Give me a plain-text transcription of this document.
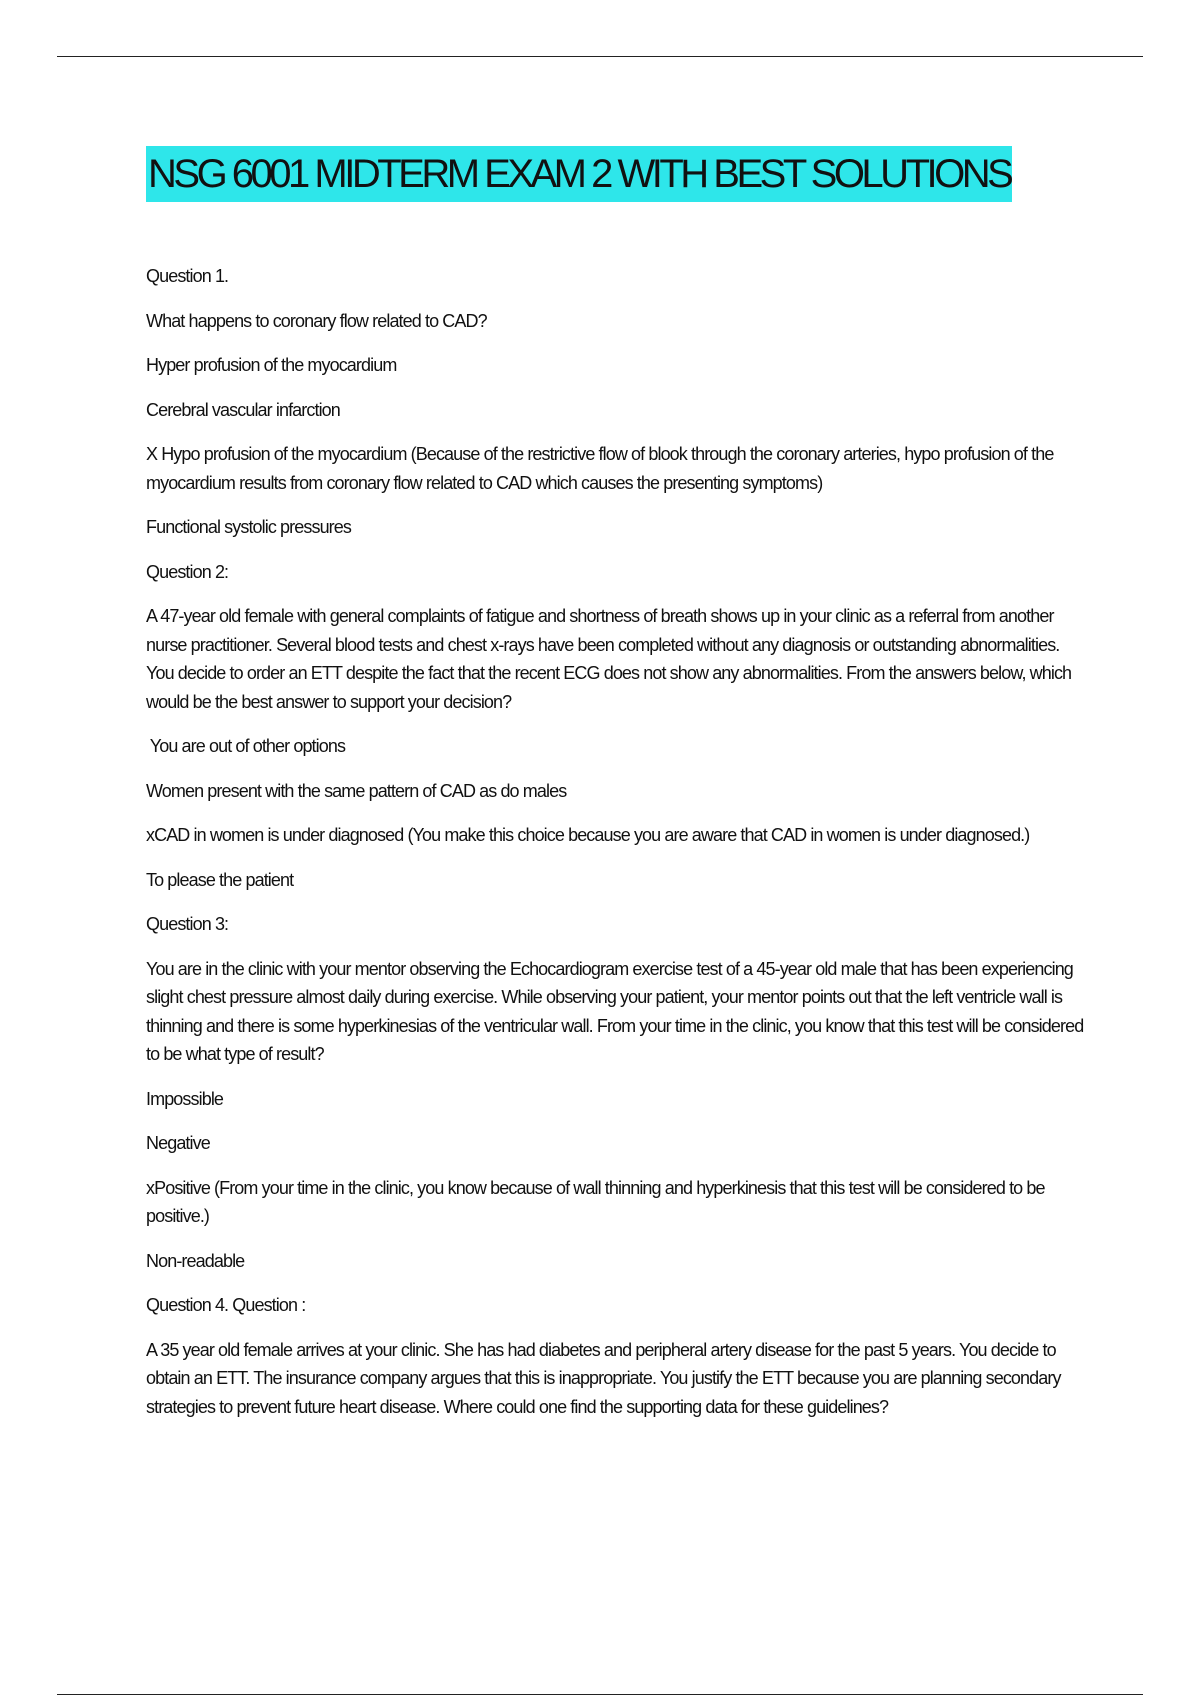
NSG 6001 MIDTERM EXAM 2 WITH BEST SOLUTIONS

Question 1.

What happens to coronary flow related to CAD?

Hyper profusion of the myocardium

Cerebral vascular infarction

X Hypo profusion of the myocardium (Because of the restrictive flow of blook through the coronary arteries, hypo profusion of the myocardium results from coronary flow related to CAD which causes the presenting symptoms)

Functional systolic pressures

Question 2:

A 47-year old female with general complaints of fatigue and shortness of breath shows up in your clinic as a referral from another nurse practitioner. Several blood tests and chest x-rays have been completed without any diagnosis or outstanding abnormalities. You decide to order an ETT despite the fact that the recent ECG does not show any abnormalities. From the answers below, which would be the best answer to support your decision?

You are out of other options

Women present with the same pattern of CAD as do males

xCAD in women is under diagnosed (You make this choice because you are aware that CAD in women is under diagnosed.)

To please the patient

Question 3:

You are in the clinic with your mentor observing the Echocardiogram exercise test of a 45-year old male that has been experiencing slight chest pressure almost daily during exercise. While observing your patient, your mentor points out that the left ventricle wall is thinning and there is some hyperkinesias of the ventricular wall. From your time in the clinic, you know that this test will be considered to be what type of result?

Impossible

Negative

xPositive (From your time in the clinic, you know because of wall thinning and hyperkinesis that this test will be considered to be positive.)

Non-readable

Question 4. Question :

A 35 year old female arrives at your clinic. She has had diabetes and peripheral artery disease for the past 5 years. You decide to obtain an ETT. The insurance company argues that this is inappropriate. You justify the ETT because you are planning secondary strategies to prevent future heart disease. Where could one find the supporting data for these guidelines?
